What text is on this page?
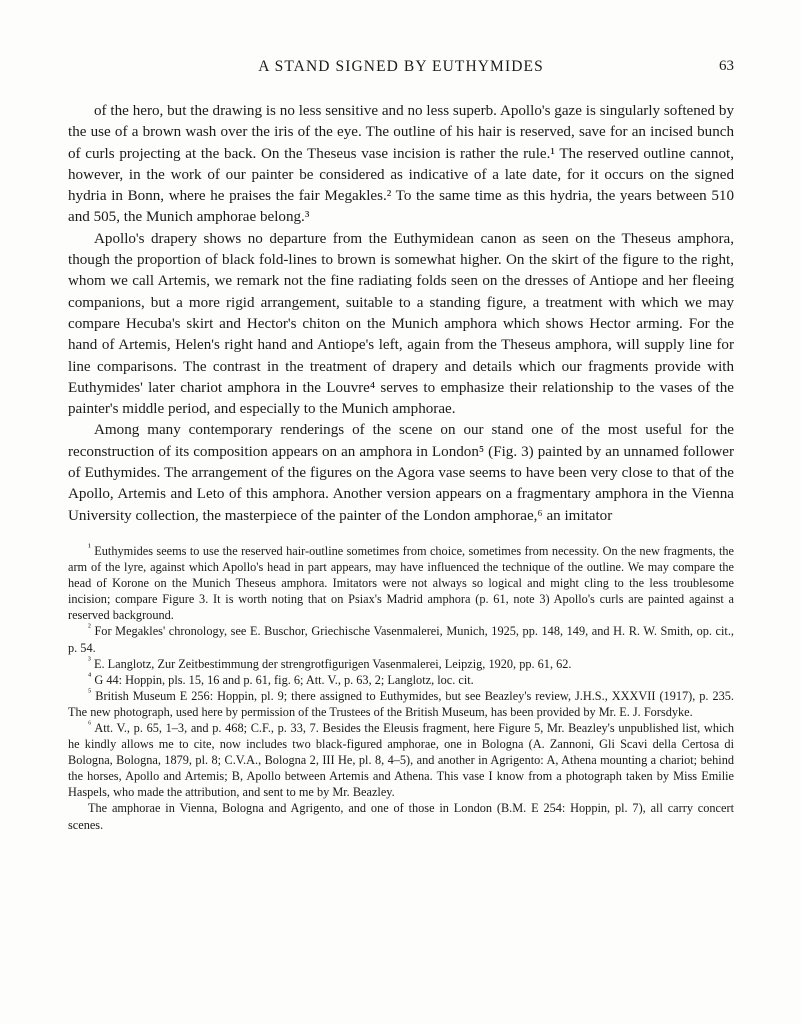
A STAND SIGNED BY EUTHYMIDES	63

of the hero, but the drawing is no less sensitive and no less superb. Apollo's gaze is singularly softened by the use of a brown wash over the iris of the eye. The outline of his hair is reserved, save for an incised bunch of curls projecting at the back. On the Theseus vase incision is rather the rule.¹ The reserved outline cannot, however, in the work of our painter be considered as indicative of a late date, for it occurs on the signed hydria in Bonn, where he praises the fair Megakles.² To the same time as this hydria, the years between 510 and 505, the Munich amphorae belong.³

Apollo's drapery shows no departure from the Euthymidean canon as seen on the Theseus amphora, though the proportion of black fold-lines to brown is somewhat higher. On the skirt of the figure to the right, whom we call Artemis, we remark not the fine radiating folds seen on the dresses of Antiope and her fleeing companions, but a more rigid arrangement, suitable to a standing figure, a treatment with which we may compare Hecuba's skirt and Hector's chiton on the Munich amphora which shows Hector arming. For the hand of Artemis, Helen's right hand and Antiope's left, again from the Theseus amphora, will supply line for line comparisons. The contrast in the treatment of drapery and details which our fragments provide with Euthymides' later chariot amphora in the Louvre⁴ serves to emphasize their relationship to the vases of the painter's middle period, and especially to the Munich amphorae.

Among many contemporary renderings of the scene on our stand one of the most useful for the reconstruction of its composition appears on an amphora in London⁵ (Fig. 3) painted by an unnamed follower of Euthymides. The arrangement of the figures on the Agora vase seems to have been very close to that of the Apollo, Artemis and Leto of this amphora. Another version appears on a fragmentary amphora in the Vienna University collection, the masterpiece of the painter of the London amphorae,⁶ an imitator

$^{^1}$ Euthymides seems to use the reserved hair-outline sometimes from choice, sometimes from necessity. On the new fragments, the arm of the lyre, against which Apollo's head in part appears, may have influenced the technique of the outline. We may compare the head of Korone on the Munich Theseus amphora. Imitators were not always so logical and might cling to the less troublesome incision; compare Figure 3. It is worth noting that on Psiax's Madrid amphora (p. 61, note 3) Apollo's curls are painted against a reserved background.

$^{^2}$ For Megakles' chronology, see E. Buschor, Griechische Vasenmalerei, Munich, 1925, pp. 148, 149, and H. R. W. Smith, op. cit., p. 54.

$^{^3}$ E. Langlotz, Zur Zeitbestimmung der strengrotfigurigen Vasenmalerei, Leipzig, 1920, pp. 61, 62.

$^{^4}$ G 44: Hoppin, pls. 15, 16 and p. 61, fig. 6; Att. V., p. 63, 2; Langlotz, loc. cit.

$^{^5}$ British Museum E 256: Hoppin, pl. 9; there assigned to Euthymides, but see Beazley's review, J.H.S., XXXVII (1917), p. 235. The new photograph, used here by permission of the Trustees of the British Museum, has been provided by Mr. E. J. Forsdyke.

$^{^6}$ Att. V., p. 65, 1–3, and p. 468; C.F., p. 33, 7. Besides the Eleusis fragment, here Figure 5, Mr. Beazley's unpublished list, which he kindly allows me to cite, now includes two black-figured amphorae, one in Bologna (A. Zannoni, Gli Scavi della Certosa di Bologna, Bologna, 1879, pl. 8; C.V.A., Bologna 2, III He, pl. 8, 4–5), and another in Agrigento: A, Athena mounting a chariot; behind the horses, Apollo and Artemis; B, Apollo between Artemis and Athena. This vase I know from a photograph taken by Miss Emilie Haspels, who made the attribution, and sent to me by Mr. Beazley.

The amphorae in Vienna, Bologna and Agrigento, and one of those in London (B.M. E 254: Hoppin, pl. 7), all carry concert scenes.
